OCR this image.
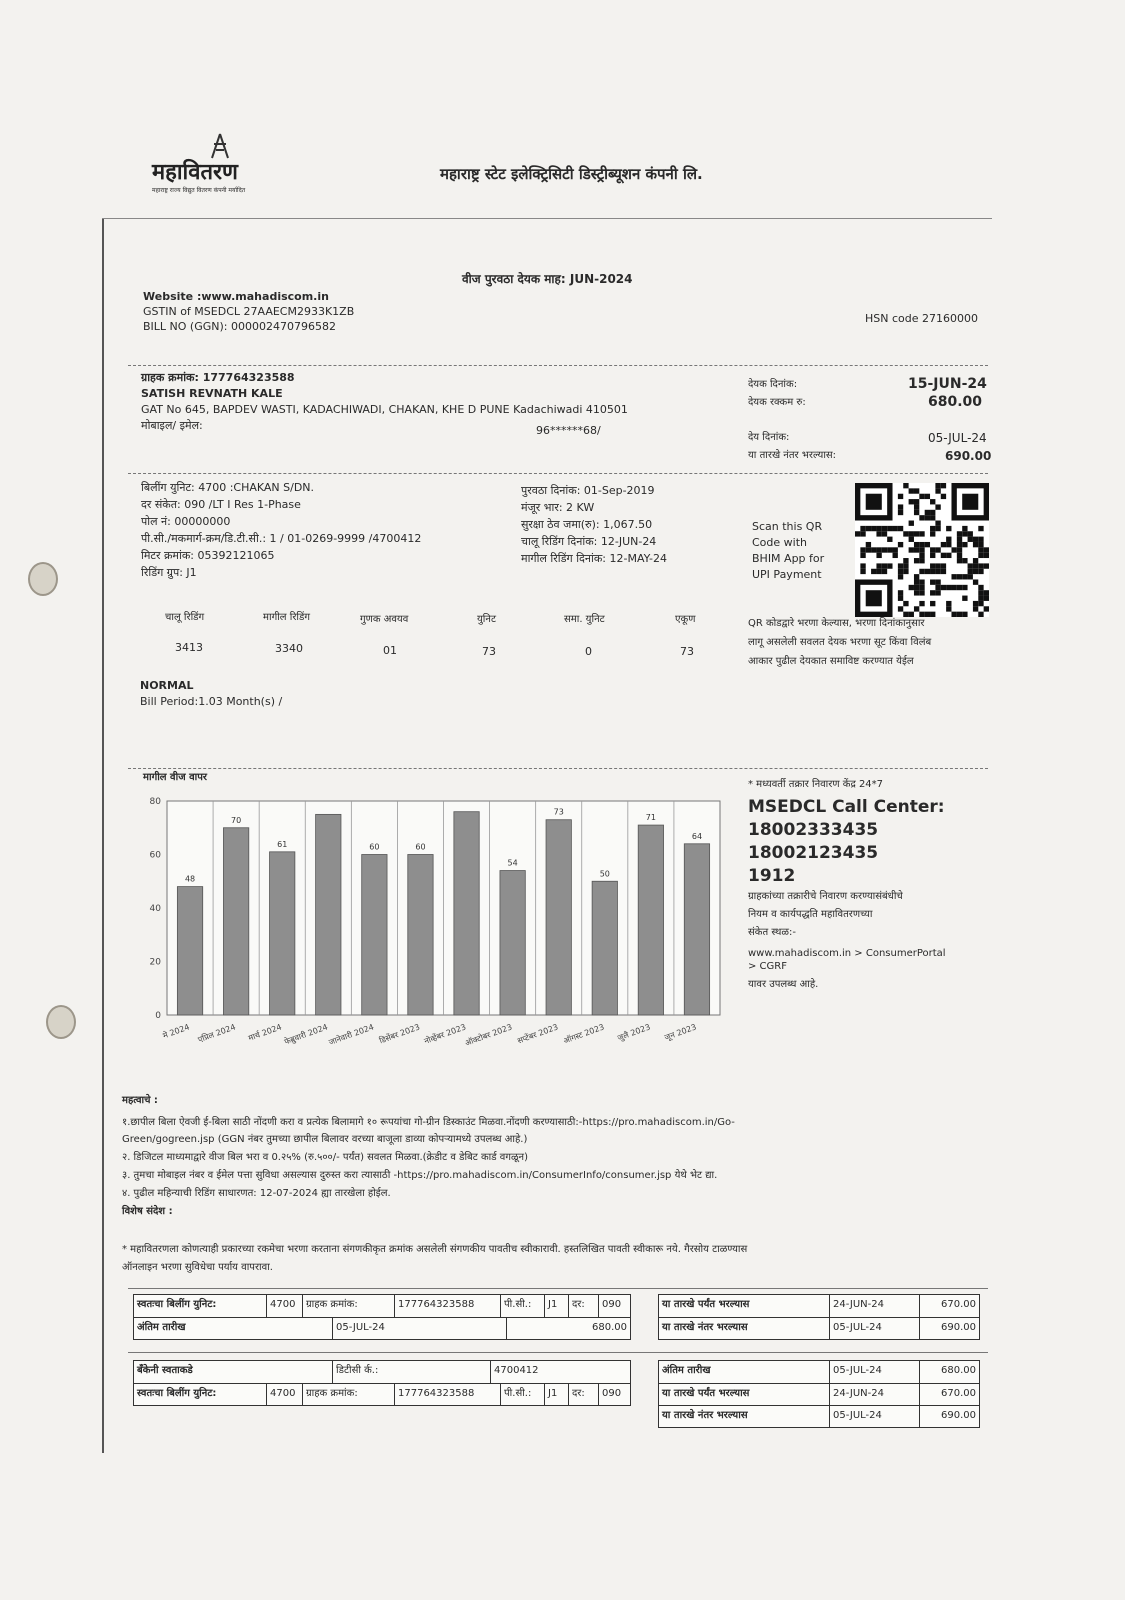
महावितरण
महाराष्ट्र राज्य विद्युत वितरण कंपनी मर्यादित
महाराष्ट्र स्टेट इलेक्ट्रिसिटी डिस्ट्रीब्यूशन कंपनी लि.
वीज पुरवठा देयक माह: JUN-2024
Website :www.mahadiscom.in
GSTIN of MSEDCL 27AAECM2933K1ZB
BILL NO (GGN): 000002470796582
HSN code 27160000
ग्राहक क्रमांक: 177764323588
SATISH REVNATH KALE
GAT No 645, BAPDEV WASTI, KADACHIWADI, CHAKAN, KHE D PUNE Kadachiwadi 410501
मोबाइल/ इमेल:	96******68/
देयक दिनांक:	15-JUN-24
देयक रक्कम रु:	680.00
देय दिनांक:	05-JUL-24
या तारखे नंतर भरल्यास:	690.00
बिलींग युनिट: 4700 :CHAKAN S/DN.
दर संकेत: 090 /LT I Res 1-Phase
पोल नं: 00000000
पी.सी./मकमार्ग-क्रम/डि.टी.सी.: 1 / 01-0269-9999 /4700412
मिटर क्रमांक: 05392121065
रिडिंग ग्रुप: J1
पुरवठा दिनांक: 01-Sep-2019
मंजूर भार: 2 KW
सुरक्षा ठेव जमा(रु): 1,067.50
चालू रिडिंग दिनांक: 12-JUN-24
मागील रिडिंग दिनांक: 12-MAY-24
Scan this QR
Code with
BHIM App for
UPI Payment
QR कोडद्वारे भरणा केल्यास, भरणा दिनांकानुसार
लागू असलेली सवलत देयक भरणा सूट किंवा विलंब
आकार पुढील देयकात समाविष्ट करण्यात येईल
चालू रिडिंग	मागील रिडिंग	गुणक अवयव	युनिट	समा. युनिट	एकूण
3413	3340	01	73	0	73
NORMAL
Bill Period:1.03 Month(s) /
मागील वीज वापर
0
20
40
60
80
48
मे 2024
70
एप्रिल 2024
61
मार्च 2024 फेब्रुवारी 2024
60
जानेवारी 2024
60
डिसेंबर 2023 नोव्हेंबर 2023
54
ऑक्टोबर 2023
73
सप्टेंबर 2023
50
ऑगस्ट 2023
71
जुलै 2023
64
जून 2023
* मध्यवर्ती तक्रार निवारण केंद्र 24*7
MSEDCL Call Center:
18002333435
18002123435
1912
ग्राहकांच्या तक्रारीचे निवारण करण्यासंबंधीचे
नियम व कार्यपद्धति महावितरणच्या
संकेत स्थळ:-
www.mahadiscom.in > ConsumerPortal
> CGRF
यावर उपलब्ध आहे.
महत्वाचे :
१.छापील बिला ऐवजी ई-बिला साठी नोंदणी करा व प्रत्येक बिलामागे १० रूपयांचा गो-ग्रीन डिस्काउंट मिळवा.नोंदणी करण्यासाठी:-https://pro.mahadiscom.in/Go-
Green/gogreen.jsp (GGN नंबर तुमच्या छापील बिलावर वरच्या बाजूला डाव्या कोपऱ्यामध्ये उपलब्ध आहे.)
२. डिजिटल माध्यमाद्वारे वीज बिल भरा व 0.२५% (रु.५००/- पर्यंत) सवलत मिळवा.(क्रेडीट व डेबिट कार्ड वगळून)
३. तुमचा मोबाइल नंबर व ईमेल पत्ता सुविधा असल्यास दुरुस्त करा त्यासाठी -https://pro.mahadiscom.in/ConsumerInfo/consumer.jsp येथे भेट द्या.
४. पुढील महिन्याची रिडिंग साधारणत: 12-07-2024 ह्या तारखेला होईल.
विशेष संदेश :
* महावितरणला कोणत्याही प्रकारच्या रकमेचा भरणा करताना संगणकीकृत क्रमांक असलेली संगणकीय पावतीच स्वीकारावी. हस्तलिखित पावती स्वीकारू नये. गैरसोय टाळण्यास
ऑनलाइन भरणा सुविधेचा पर्याय वापरावा.
स्वतःचा बिलींग युनिट:	4700	ग्राहक क्रमांक:	177764323588	पी.सी.:	J1	दर:	090
अंतिम तारीख	05-JUL-24	680.00
या तारखे पर्यंत भरल्यास	24-JUN-24	670.00
या तारखे नंतर भरल्यास	05-JUL-24	690.00
बँकेनी स्वताकडे	डिटीसी र्क.:	4700412
स्वतःचा बिलींग युनिट:	4700	ग्राहक क्रमांक:	177764323588	पी.सी.:	J1	दर:	090
अंतिम तारीख	05-JUL-24	680.00
या तारखे पर्यंत भरल्यास	24-JUN-24	670.00
या तारखे नंतर भरल्यास	05-JUL-24	690.00
